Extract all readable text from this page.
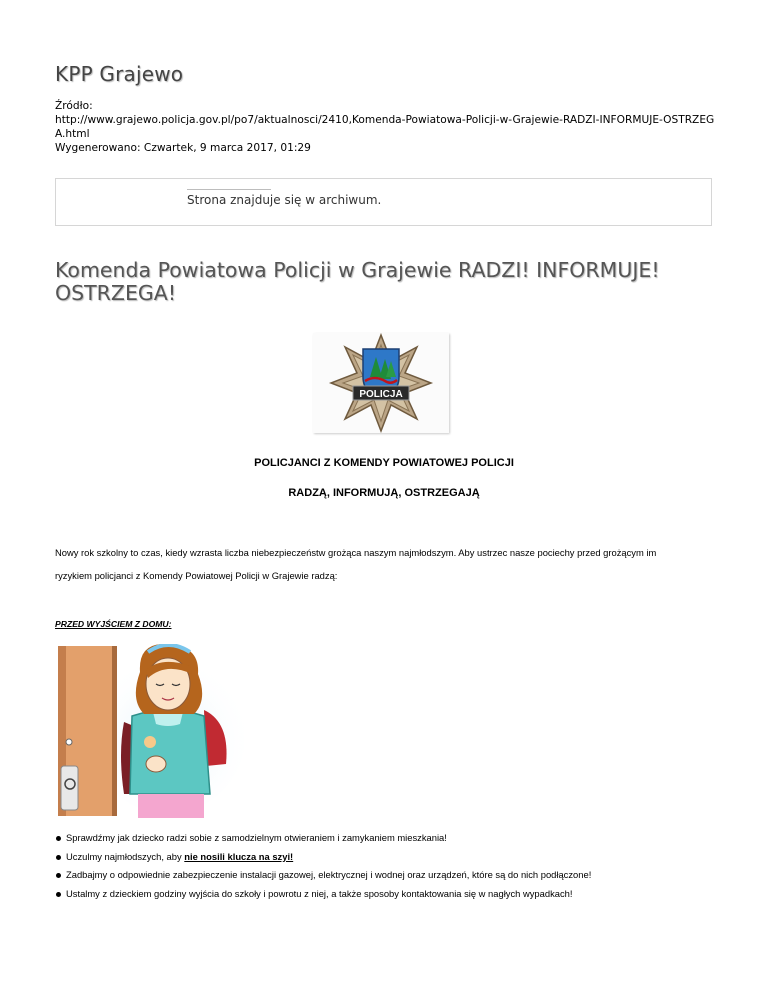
KPP Grajewo
Źródło:
http://www.grajewo.policja.gov.pl/po7/aktualnosci/2410,Komenda-Powiatowa-Policji-w-Grajewie-RADZI-INFORMUJE-OSTRZEG
A.html
Wygenerowano: Czwartek, 9 marca 2017, 01:29
Strona znajduje się w archiwum.
Komenda Powiatowa Policji w Grajewie RADZI! INFORMUJE!
OSTRZEGA!
POLICJA
POLICJANCI Z KOMENDY POWIATOWEJ POLICJI
RADZĄ, INFORMUJĄ, OSTRZEGAJĄ
Nowy rok szkolny to czas, kiedy wzrasta liczba niebezpieczeństw grożąca naszym najmłodszym. Aby ustrzec nasze pociechy przed grożącym im
ryzykiem policjanci z Komendy Powiatowej Policji w Grajewie radzą:
PRZED WYJŚCIEM Z DOMU:
Sprawdźmy jak dziecko radzi sobie z samodzielnym otwieraniem i zamykaniem mieszkania!
Uczulmy najmłodszych, aby nie nosili klucza na szyi!
Zadbajmy o odpowiednie zabezpieczenie instalacji gazowej, elektrycznej i wodnej oraz urządzeń, które są do nich podłączone!
Ustalmy z dzieckiem godziny wyjścia do szkoły i powrotu z niej, a także sposoby kontaktowania się w nagłych wypadkach!
